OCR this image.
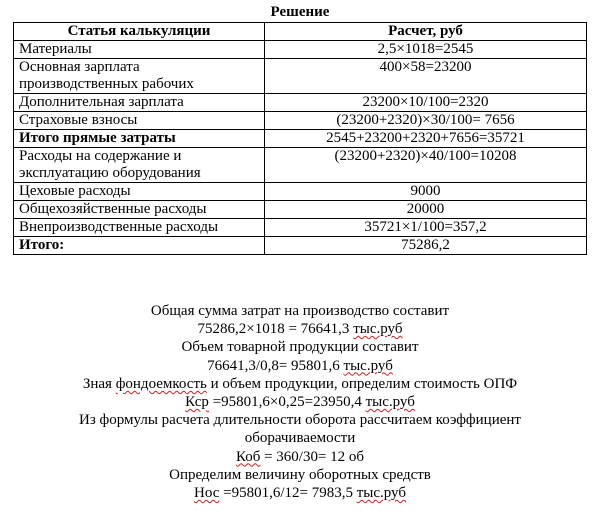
Решение
Статья калькуляции	Расчет, руб
Материалы	2,5×1018=2545
Основная зарплата производственных рабочих	400×58=23200
Дополнительная зарплата	23200×10/100=2320
Страховые взносы	(23200+2320)×30/100= 7656
Итого прямые затраты	2545+23200+2320+7656=35721
Расходы на содержание и эксплуатацию оборудования	(23200+2320)×40/100=10208
Цеховые расходы	9000
Общехозяйственные расходы	20000
Внепроизводственные расходы	35721×1/100=357,2
Итого:	75286,2
Общая сумма затрат на производство составит
75286,2×1018 = 76641,3 тыс.руб
Объем товарной продукции составит
76641,3/0,8= 95801,6 тыс.руб
Зная фондоемкость и объем продукции, определим стоимость ОПФ
Ксp =95801,6×0,25=23950,4 тыс.руб
Из формулы расчета длительности оборота рассчитаем коэффициент
оборачиваемости
Коб = 360/30= 12 об
Определим величину оборотных средств
Нос =95801,6/12= 7983,5 тыс.руб
